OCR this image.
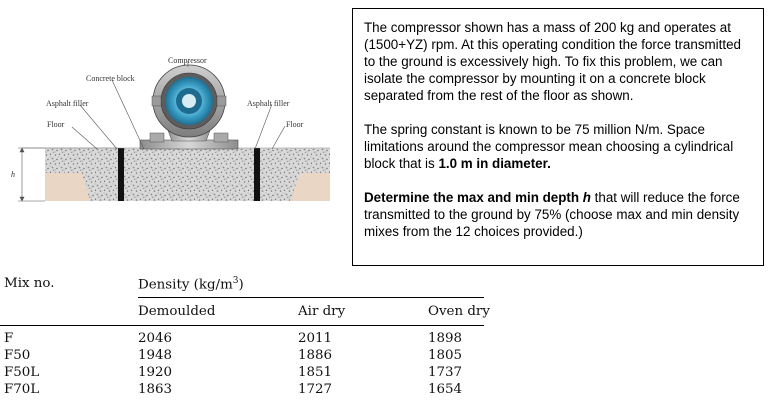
h
Compressor
Concrete block
Asphalt filler	Asphalt filler
Floor	Floor

The compressor shown has a mass of 200 kg and operates at (1500+YZ) rpm. At this operating condition the force transmitted to the ground is excessively high. To fix this problem, we can isolate the compressor by mounting it on a concrete block separated from the rest of the floor as shown.

The spring constant is known to be 75 million N/m. Space limitations around the compressor mean choosing a cylindrical block that is 1.0 m in diameter.

Determine the max and min depth h that will reduce the force transmitted to the ground by 75% (choose max and min density mixes from the 12 choices provided.)

Mix no.	Density $(kg/m^3)$
Demoulded	Air dry	Oven dry
F	2046	2011	1898
F50	1948	1886	1805
F50L	1920	1851	1737
F70L	1863	1727	1654
